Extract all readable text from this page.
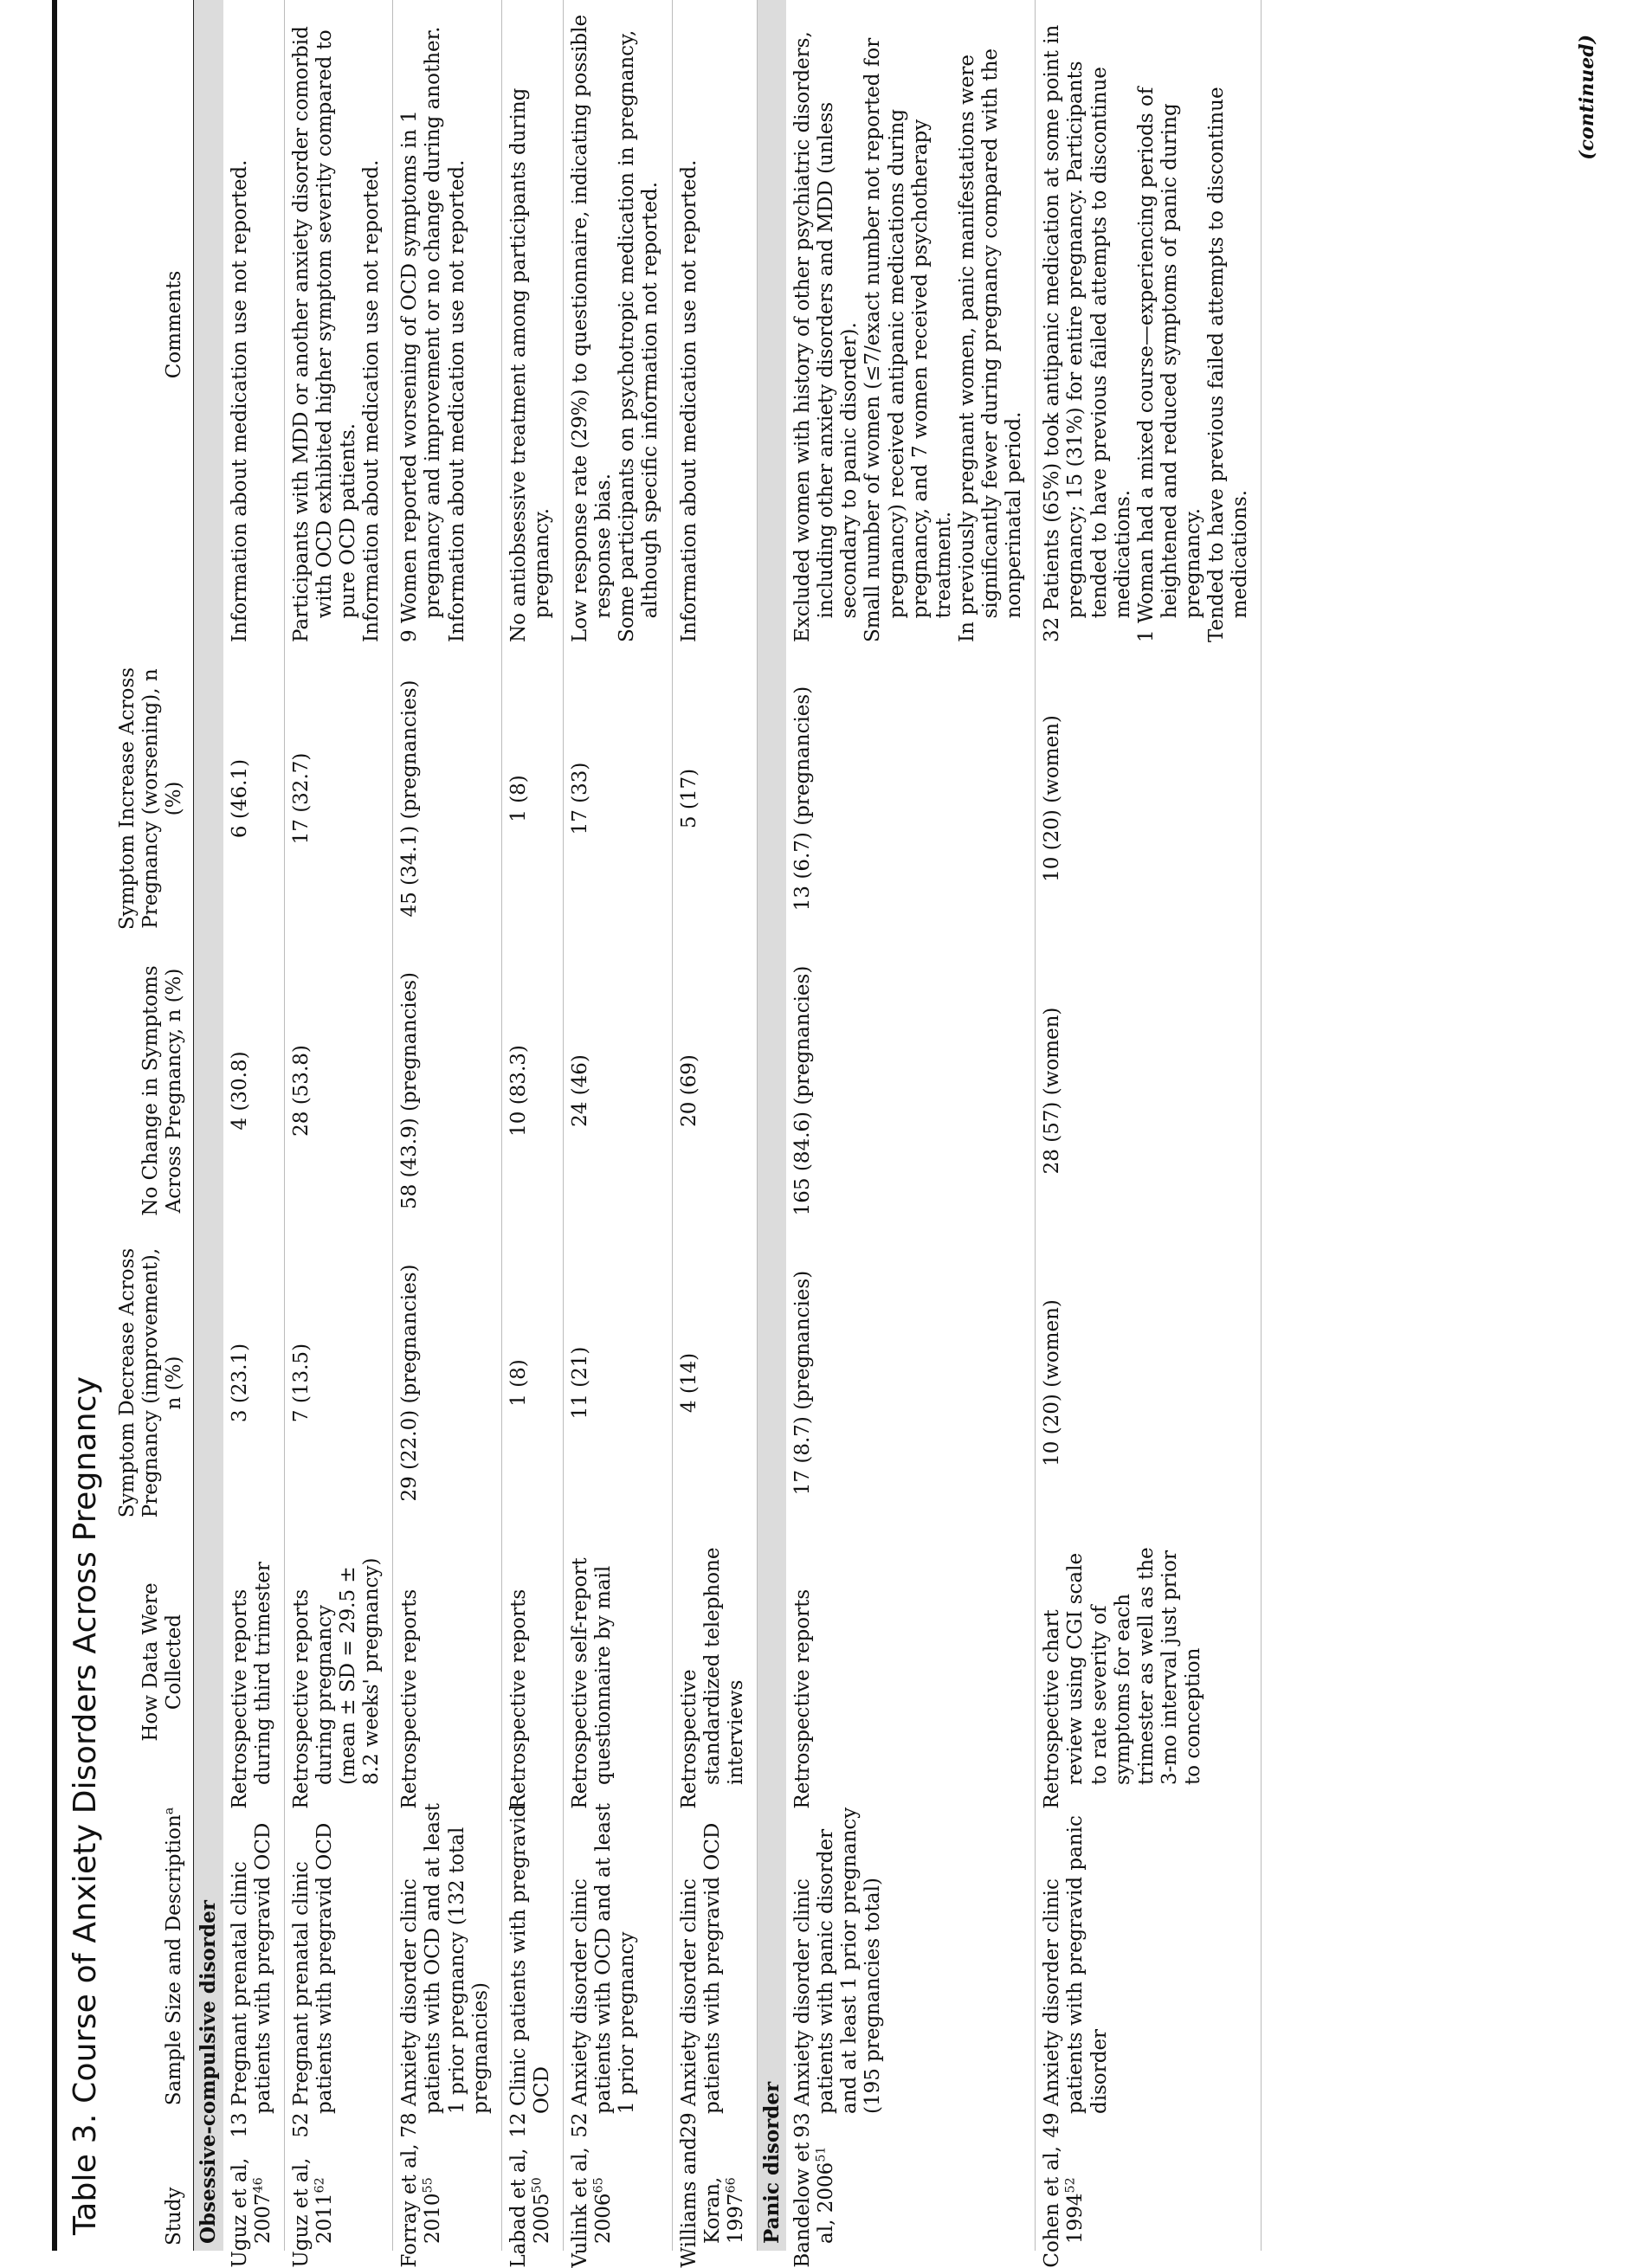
Table 3. Course of Anxiety Disorders Across Pregnancy	Study	Sample Size and Description$^a$	How Data Were Collected	Symptom Decrease Across Pregnancy (improvement), n (%)	No Change in Symptoms Across Pregnancy, n (%)	Symptom Increase Across Pregnancy (worsening), n (%)	Comments
Obsessive-compulsive disorder						
Uguz et al, 2007$^{46}$	13 Pregnant prenatal clinic patients with pregravid OCD	Retrospective reports during third trimester	3 (23.1)	4 (30.8)	6 (46.1)	Information about medication use not reported.

Uguz et al, 2011$^{62}$	52 Pregnant prenatal clinic patients with pregravid OCD	Retrospective reports during pregnancy (mean ± SD = 29.5 ± 8.2 weeks' pregnancy)	7 (13.5)	28 (53.8)	17 (32.7)	Participants with MDD or another anxiety disorder comorbid with OCD exhibited higher symptom severity compared to pure OCD patients. Information about medication use not reported.

Forray et al, 2010$^{55}$	78 Anxiety disorder clinic patients with OCD and at least 1 prior pregnancy (132 total pregnancies)	Retrospective reports	29 (22.0) (pregnancies)	58 (43.9) (pregnancies)	45 (34.1) (pregnancies)	9 Women reported worsening of OCD symptoms in 1 pregnancy and improvement or no change during another. Information about medication use not reported.

Labad et al, 2005$^{50}$	12 Clinic patients with pregravid OCD	Retrospective reports	1 (8)	10 (83.3)	1 (8)	No antiobsessive treatment among participants during pregnancy.

Vulink et al, 2006$^{65}$	52 Anxiety disorder clinic patients with OCD and at least 1 prior pregnancy	Retrospective self-report questionnaire by mail	11 (21)	24 (46)	17 (33)	Low response rate (29%) to questionnaire, indicating possible response bias. Some participants on psychotropic medication in pregnancy, although specific information not reported.

Williams and Koran, 1997$^{66}$	29 Anxiety disorder clinic patients with pregravid OCD	Retrospective standardized telephone interviews	4 (14)	20 (69)	5 (17)	Information about medication use not reported.

Panic disorder						
Bandelow et al, 2006$^{51}$	93 Anxiety disorder clinic patients with panic disorder and at least 1 prior pregnancy (195 pregnancies total)	Retrospective reports	17 (8.7) (pregnancies)	165 (84.6) (pregnancies)	13 (6.7) (pregnancies)	Excluded women with history of other psychiatric disorders, including other anxiety disorders and MDD (unless secondary to panic disorder). Small number of women (≤7/exact number not reported for pregnancy) received antipanic medications during pregnancy, and 7 women received psychotherapy treatment. In previously pregnant women, panic manifestations were significantly fewer during pregnancy compared with the nonperinatal period.

Cohen et al, 1994$^{52}$	49 Anxiety disorder clinic patients with pregravid panic disorder	Retrospective chart review using CGI scale to rate severity of symptoms for each trimester as well as the 3-mo interval just prior to conception	10 (20) (women)	28 (57) (women)	10 (20) (women)	32 Patients (65%) took antipanic medication at some point in pregnancy; 15 (31%) for entire pregnancy. Participants tended to have previous failed attempts to discontinue medications. 1 Woman had a mixed course—experiencing periods of heightened and reduced symptoms of panic during pregnancy. Tended to have previous failed attempts to discontinue medications.
(continued)
